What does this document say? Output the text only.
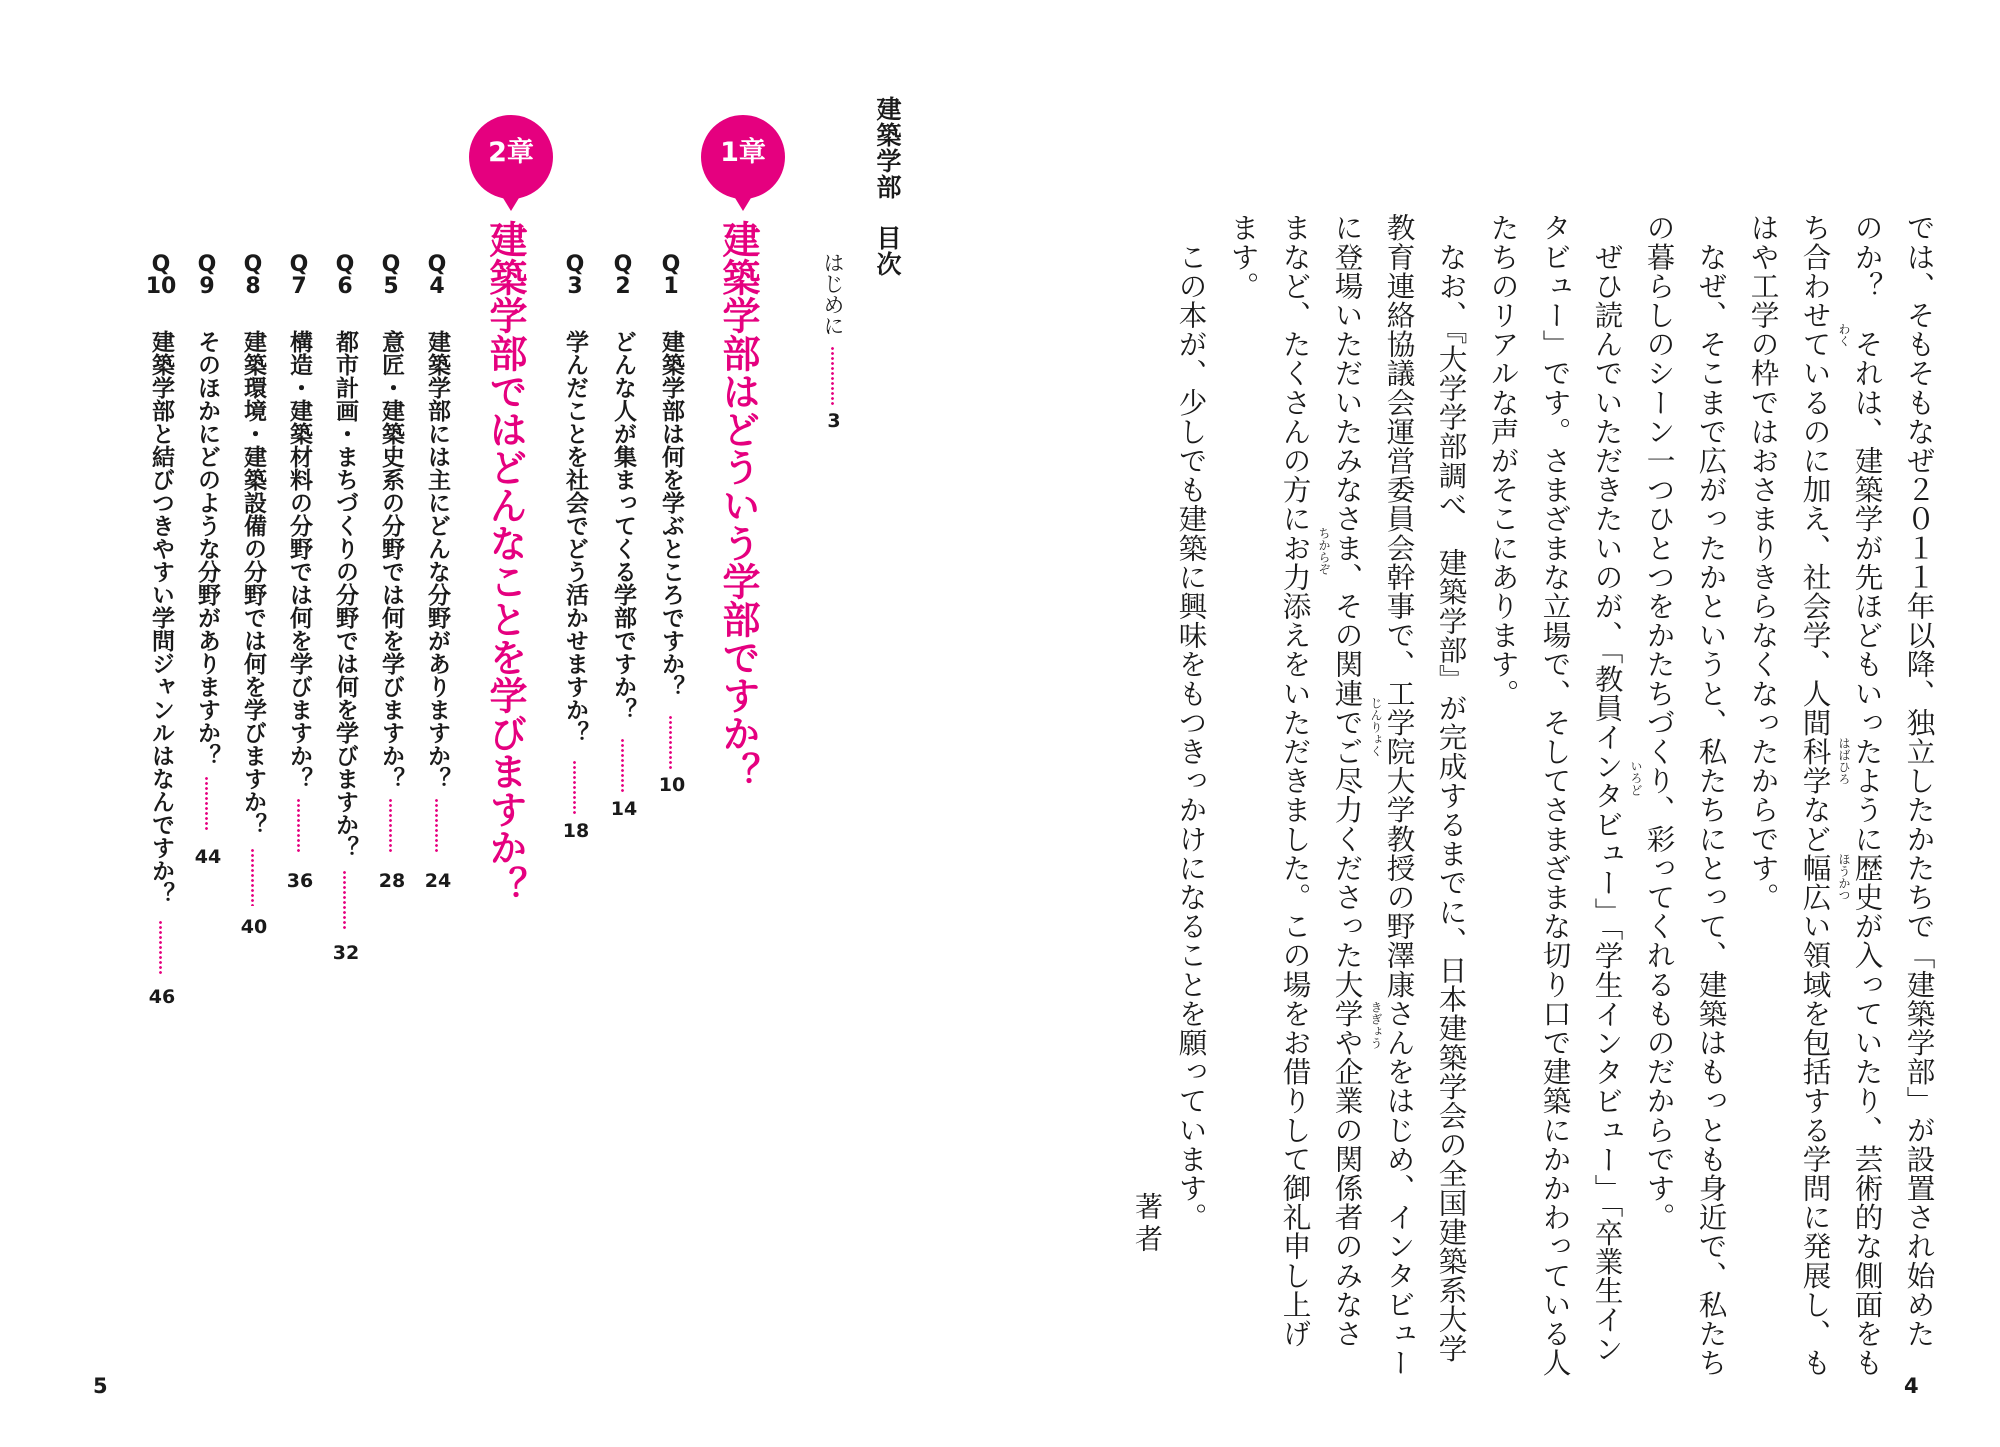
では、そもそもなぜ２０１１年以降、独立したかたちで「建築学部」が設置され始めた
のか？　それは、建築学が先ほどもいったように歴史が入っていたり、芸術的な側面をも
ち合わせているのに加え、社会学、人間科学など幅広い領域を包括する学問に発展し、も
はや工学の枠ではおさまりきらなくなったからです。
　なぜ、そこまで広がったかというと、私たちにとって、建築はもっとも身近で、私たち
の暮らしのシーン一つひとつをかたちづくり、彩ってくれるものだからです。
　ぜひ読んでいただきたいのが、「教員インタビュー」「学生インタビュー」「卒業生イン
タビュー」です。さまざまな立場で、そしてさまざまな切り口で建築にかかわっている人
たちのリアルな声がそこにあります。
　なお、『大学学部調べ　建築学部』が完成するまでに、日本建築学会の全国建築系大学
教育連絡協議会運営委員会幹事で、工学院大学教授の野澤康さんをはじめ、インタビュー
に登場いただいたみなさま、その関連でご尽力くださった大学や企業の関係者のみなさ
まなど、たくさんの方にお力添えをいただきました。この場をお借りして御礼申し上げ
ます。
　この本が、少しでも建築に興味をもつきっかけになることを願っています。	わく
はばひろ
ほうかつ
いろど
じんりょく
きぎょう
ちからぞ
著者
4
建築学部目次
はじめに
3
1章
建築学部はどういう学部ですか？
Q
1
建築学部は何を学ぶところですか？
10
Q
2
どんな人が集まってくる学部ですか？
14
Q
3
学んだことを社会でどう活かせますか？
18
2章
建築学部ではどんなことを学びますか？
Q
4
建築学部には主にどんな分野がありますか？
24
Q
5
意匠・建築史系の分野では何を学びますか？
28
Q
6
都市計画・まちづくりの分野では何を学びますか？
32
Q
7
構造・建築材料の分野では何を学びますか？
36
Q
8
建築環境・建築設備の分野では何を学びますか？
40
Q
9
そのほかにどのような分野がありますか？
44
Q
10
建築学部と結びつきやすい学問ジャンルはなんですか？
46
5
